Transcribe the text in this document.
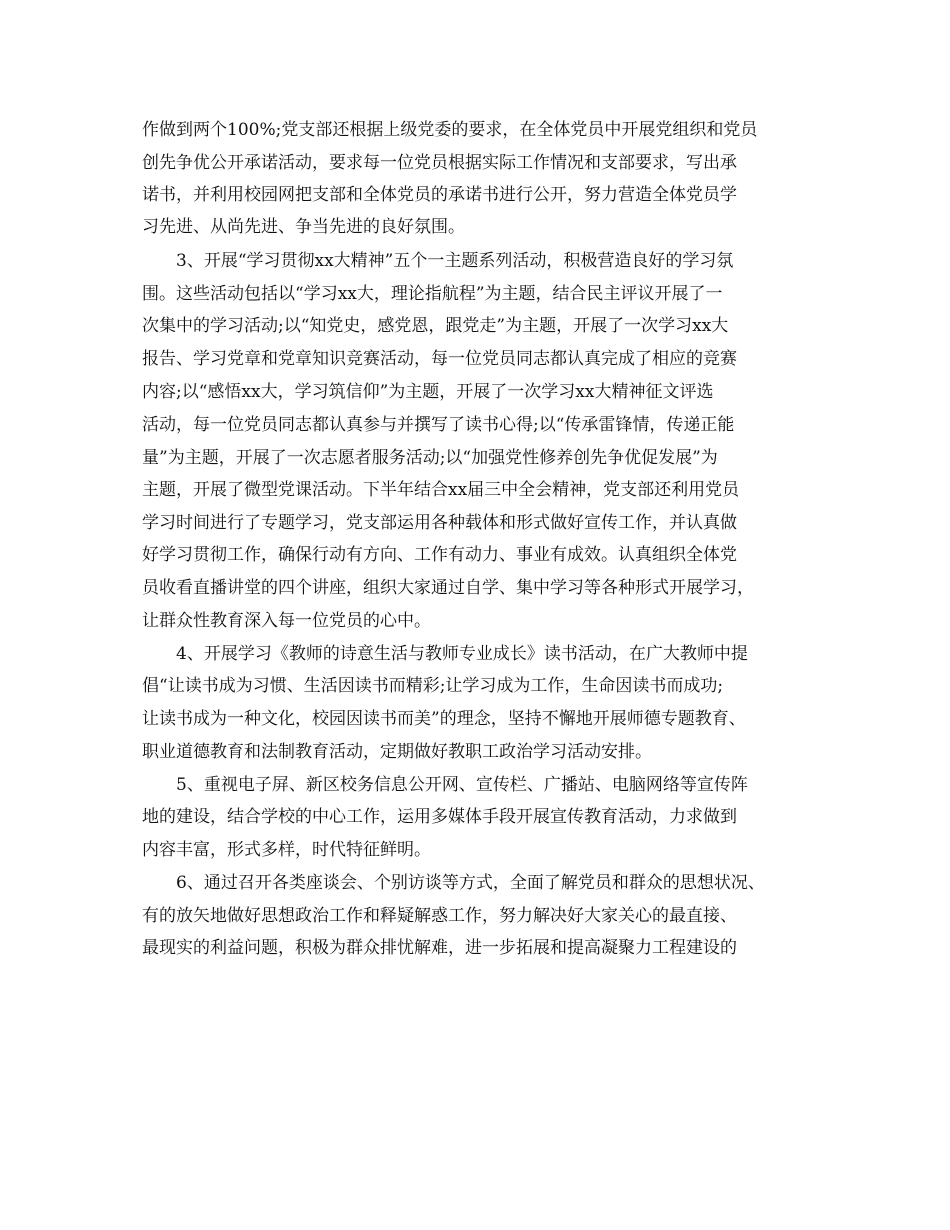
作做到两个100%;党支部还根据上级党委的要求，在全体党员中开展党组织和党员
创先争优公开承诺活动，要求每一位党员根据实际工作情况和支部要求，写出承
诺书，并利用校园网把支部和全体党员的承诺书进行公开，努力营造全体党员学
习先进、从尚先进、争当先进的良好氛围。
3、开展“学习贯彻xx大精神”五个一主题系列活动，积极营造良好的学习氛
围。这些活动包括以“学习xx大，理论指航程”为主题，结合民主评议开展了一
次集中的学习活动;以“知党史，感党恩，跟党走”为主题，开展了一次学习xx大
报告、学习党章和党章知识竞赛活动，每一位党员同志都认真完成了相应的竞赛
内容;以“感悟xx大，学习筑信仰”为主题，开展了一次学习xx大精神征文评选
活动，每一位党员同志都认真参与并撰写了读书心得;以“传承雷锋情，传递正能
量”为主题，开展了一次志愿者服务活动;以“加强党性修养创先争优促发展”为
主题，开展了微型党课活动。下半年结合xx届三中全会精神，党支部还利用党员
学习时间进行了专题学习，党支部运用各种载体和形式做好宣传工作，并认真做
好学习贯彻工作，确保行动有方向、工作有动力、事业有成效。认真组织全体党
员收看直播讲堂的四个讲座，组织大家通过自学、集中学习等各种形式开展学习，
让群众性教育深入每一位党员的心中。
4、开展学习《教师的诗意生活与教师专业成长》读书活动，在广大教师中提
倡“让读书成为习惯、生活因读书而精彩;让学习成为工作，生命因读书而成功;
让读书成为一种文化，校园因读书而美”的理念，坚持不懈地开展师德专题教育、
职业道德教育和法制教育活动，定期做好教职工政治学习活动安排。
5、重视电子屏、新区校务信息公开网、宣传栏、广播站、电脑网络等宣传阵
地的建设，结合学校的中心工作，运用多媒体手段开展宣传教育活动，力求做到
内容丰富，形式多样，时代特征鲜明。
6、通过召开各类座谈会、个别访谈等方式，全面了解党员和群众的思想状况、
有的放矢地做好思想政治工作和释疑解惑工作，努力解决好大家关心的最直接、
最现实的利益问题，积极为群众排忧解难，进一步拓展和提高凝聚力工程建设的
